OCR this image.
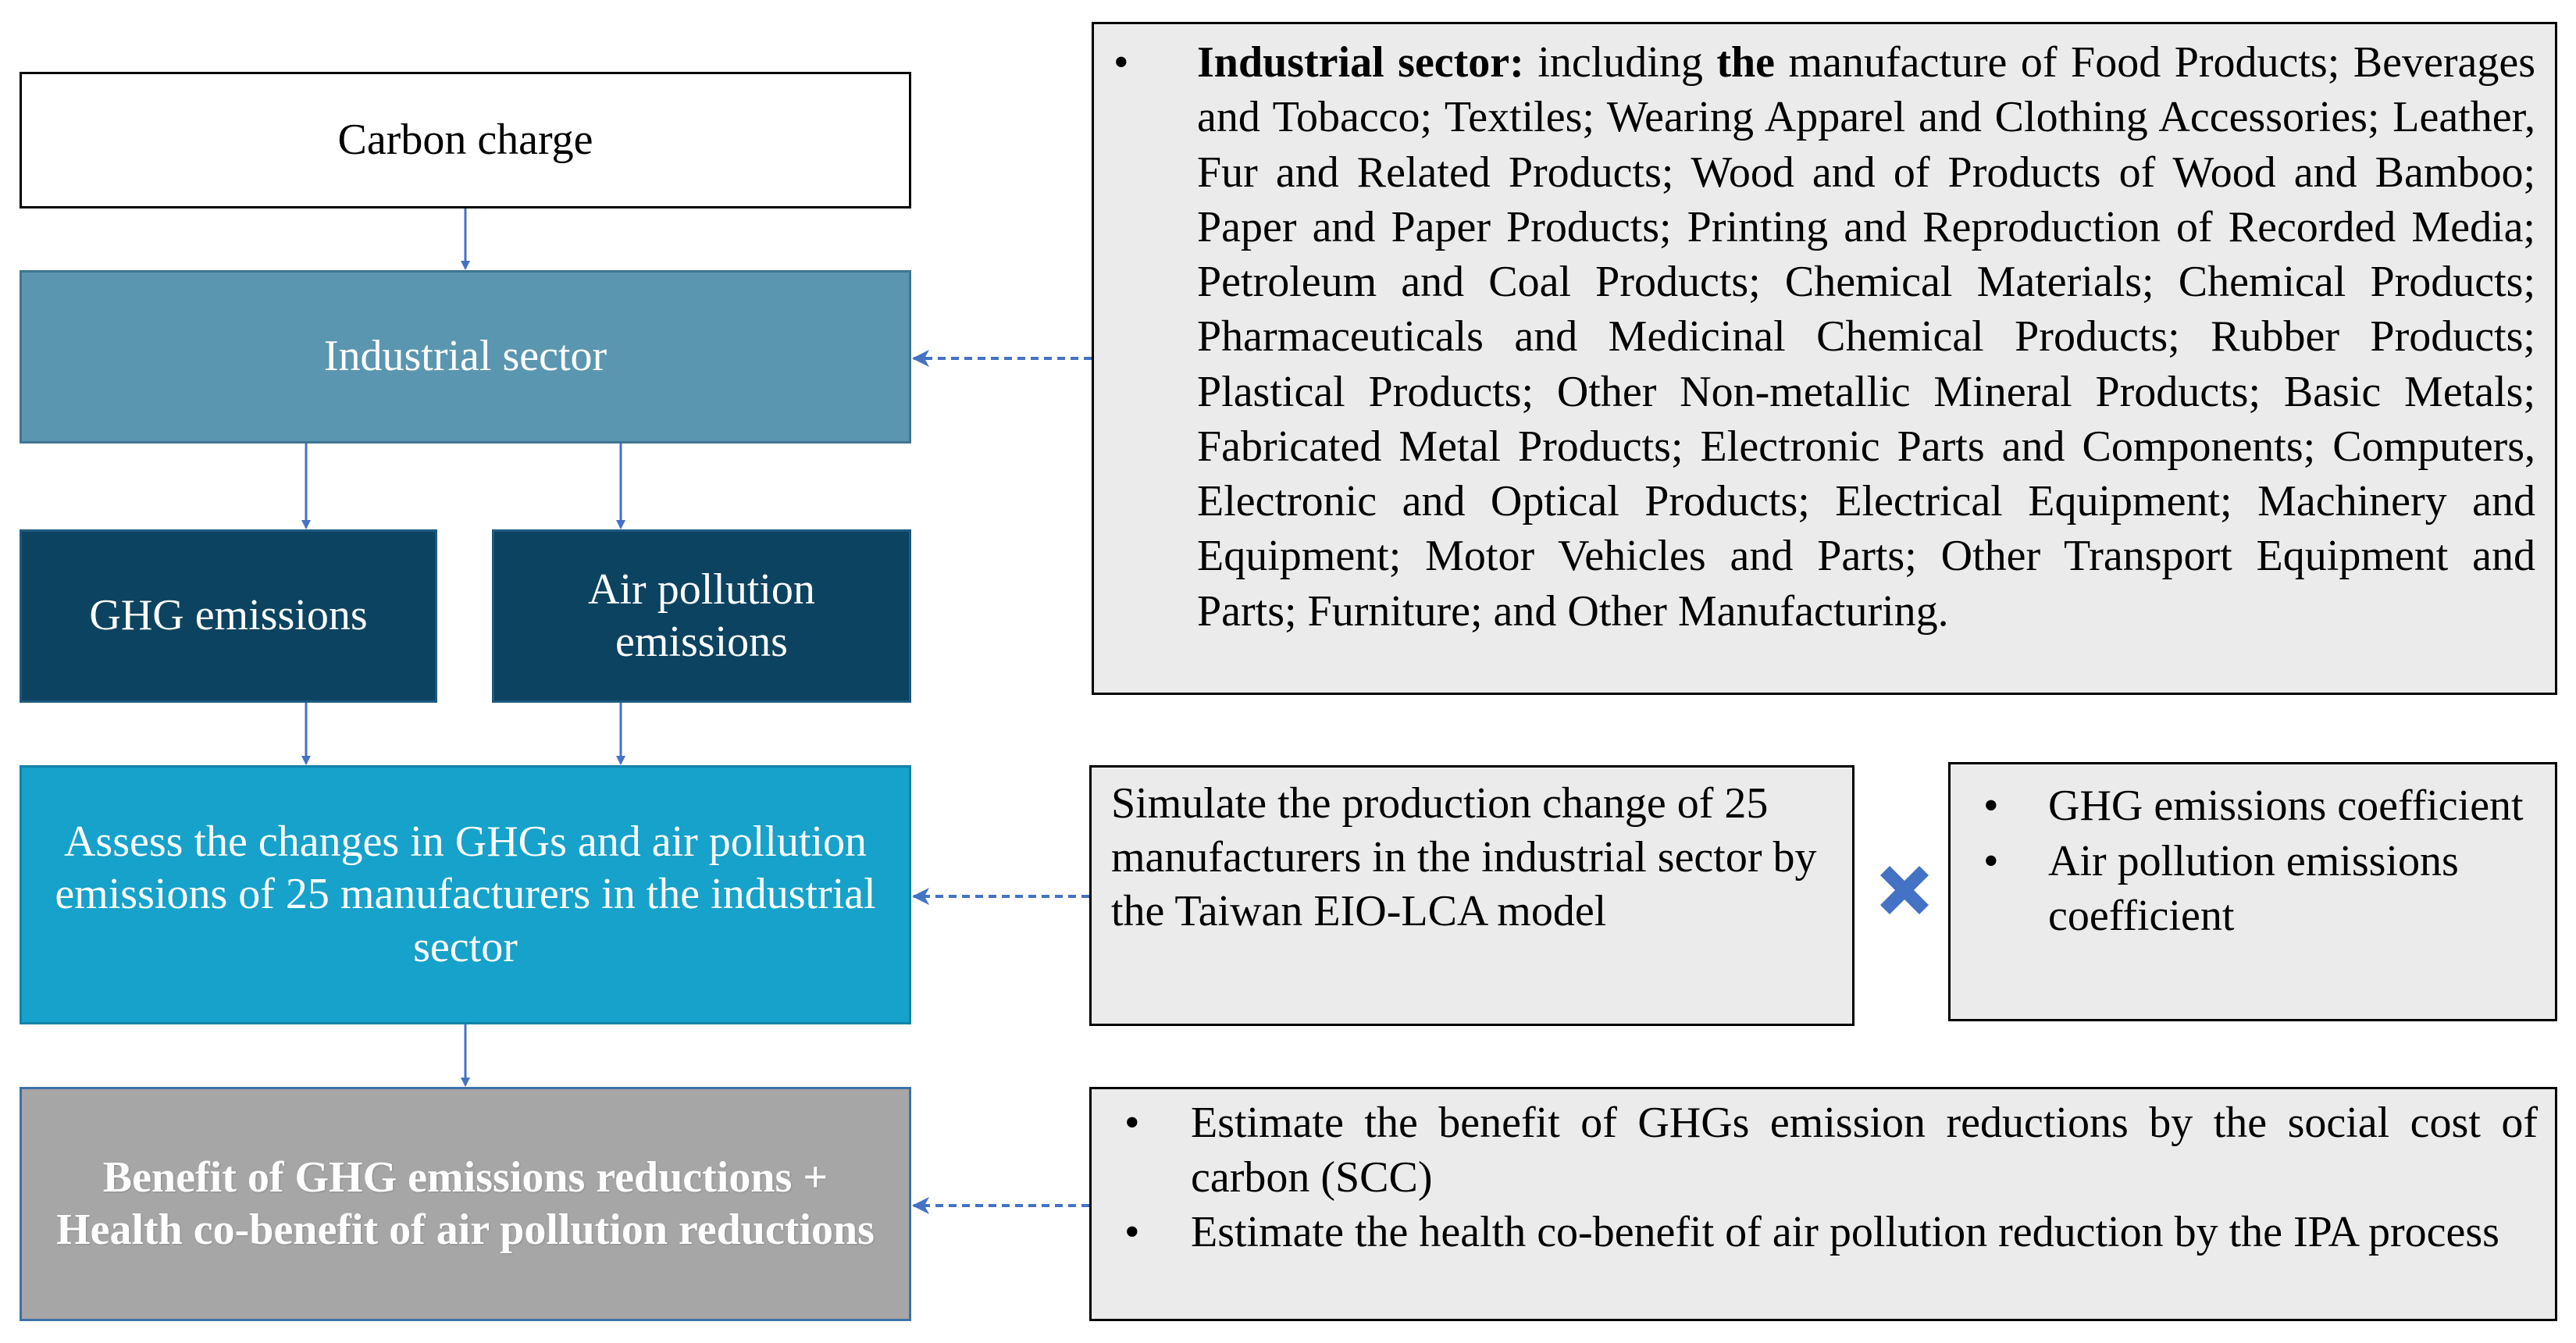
Carbon charge
Industrial sector
GHG emissions
Air pollution emissions
Assess the changes in GHGs and air pollution emissions of 25 manufacturers in the industrial sector
Benefit of GHG emissions reductions + Health co-benefit of air pollution reductions
• Industrial sector: including the manufacture of Food Products; Beverages and Tobacco; Textiles; Wearing Apparel and Clothing Accessories; Leather, Fur and Related Products; Wood and of Products of Wood and Bamboo; Paper and Paper Products; Printing and Reproduction of Recorded Media; Petroleum and Coal Products; Chemical Materials; Chemical Products; Pharmaceuticals and Medicinal Chemical Products; Rubber Products; Plastical Products; Other Non-metallic Mineral Products; Basic Metals; Fabricated Metal Products; Electronic Parts and Components; Computers, Electronic and Optical Products; Electrical Equipment; Machinery and Equipment; Motor Vehicles and Parts; Other Transport Equipment and Parts; Furniture; and Other Manufacturing.
Simulate the production change of 25 manufacturers in the industrial sector by the Taiwan EIO-LCA model
• GHG emissions coefficient
• Air pollution emissions coefficient
• Estimate the benefit of GHGs emission reductions by the social cost of carbon (SCC)
• Estimate the health co-benefit of air pollution reduction by the IPA process
